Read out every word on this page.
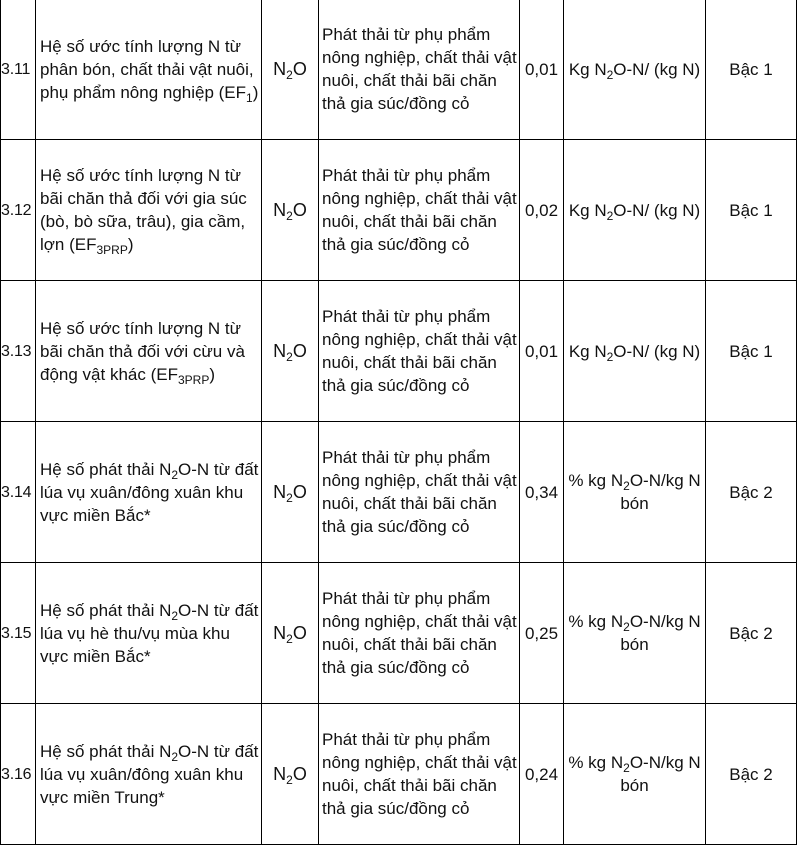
3.11	Hệ số ước tính lượng N từ phân bón, chất thải vật nuôi, phụ phẩm nông nghiệp $(EF_1)$	$N_2O$	Phát thải từ phụ phẩm nông nghiệp, chất thải vật nuôi, chất thải bãi chăn thả gia súc/đồng cỏ	0,01	Kg $N_2O-N/$ (kg N)	Bậc 1
3.12	Hệ số ước tính lượng N từ bãi chăn thả đối với gia súc (bò, bò sữa, trâu), gia cầm, lợn $(EF_{3PRP})$	$N_2O$	Phát thải từ phụ phẩm nông nghiệp, chất thải vật nuôi, chất thải bãi chăn thả gia súc/đồng cỏ	0,02	Kg $N_2O-N/$ (kg N)	Bậc 1
3.13	Hệ số ước tính lượng N từ bãi chăn thả đối với cừu và động vật khác $(EF_{3PRP})$	$N_2O$	Phát thải từ phụ phẩm nông nghiệp, chất thải vật nuôi, chất thải bãi chăn thả gia súc/đồng cỏ	0,01	Kg $N_2O-N/$ (kg N)	Bậc 1
3.14	Hệ số phát thải $N_2O-N$ từ đất lúa vụ xuân/đông xuân khu vực miền Bắc*	$N_2O$	Phát thải từ phụ phẩm nông nghiệp, chất thải vật nuôi, chất thải bãi chăn thả gia súc/đồng cỏ	0,34	% kg $N_2O-N/kg$ N bón	Bậc 2
3.15	Hệ số phát thải $N_2O-N$ từ đất lúa vụ hè thu/vụ mùa khu vực miền Bắc*	$N_2O$	Phát thải từ phụ phẩm nông nghiệp, chất thải vật nuôi, chất thải bãi chăn thả gia súc/đồng cỏ	0,25	% kg $N_2O-N/kg$ N bón	Bậc 2
3.16	Hệ số phát thải $N_2O-N$ từ đất lúa vụ xuân/đông xuân khu vực miền Trung*	$N_2O$	Phát thải từ phụ phẩm nông nghiệp, chất thải vật nuôi, chất thải bãi chăn thả gia súc/đồng cỏ	0,24	% kg $N_2O-N/kg$ N bón	Bậc 2
